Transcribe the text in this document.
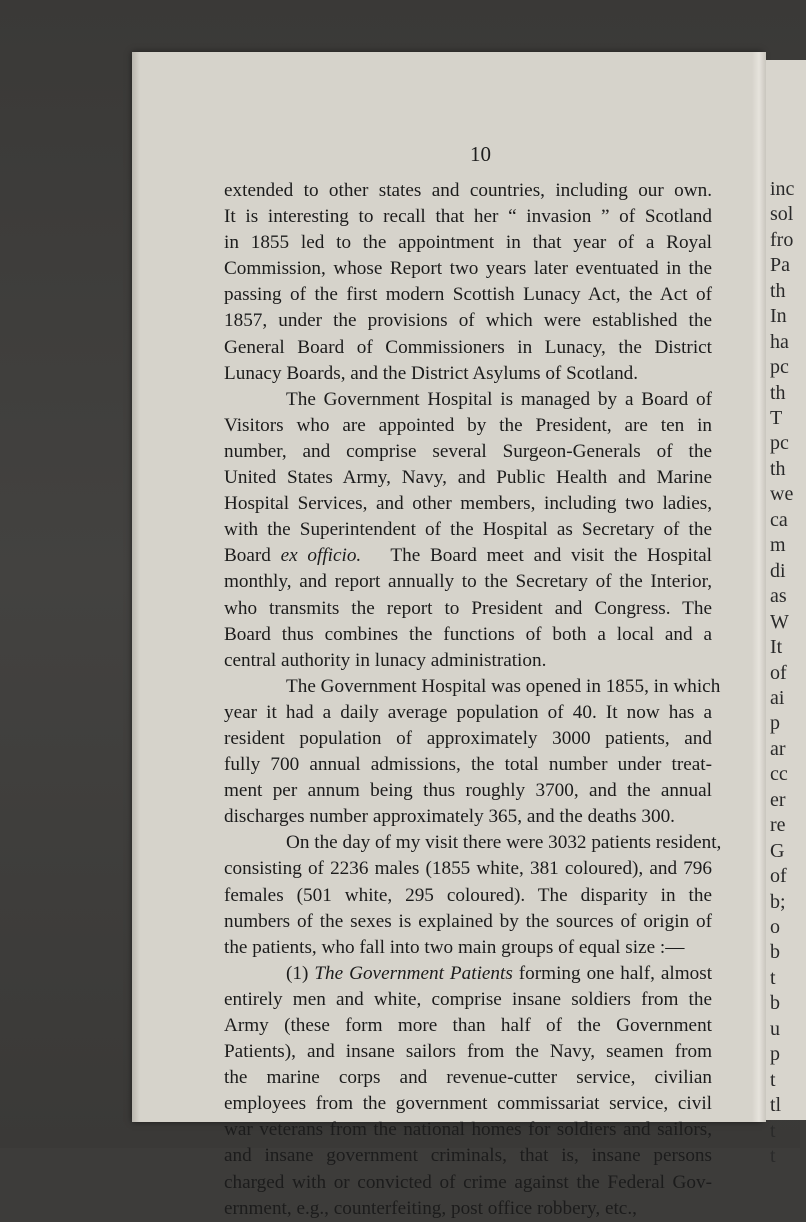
inc
sol
fro
Pa
th
In
ha
pc
th
T
pc
th
we
ca
m
di
as
W
It
of
ai
p
ar
cc
er
re
G
of
b;
o
b
t
b
u
p
t
tl
t
t
10
extended to other states and countries, including our own.
It is interesting to recall that her “ invasion ” of Scotland
in 1855 led to the appointment in that year of a Royal
Commission, whose Report two years later eventuated in the
passing of the first modern Scottish Lunacy Act, the Act of
1857, under the provisions of which were established the
General Board of Commissioners in Lunacy, the District
Lunacy Boards, and the District Asylums of Scotland.
The Government Hospital is managed by a Board of
Visitors who are appointed by the President, are ten in
number, and comprise several Surgeon-Generals of the
United States Army, Navy, and Public Health and Marine
Hospital Services, and other members, including two ladies,
with the Superintendent of the Hospital as Secretary of the
Board ex officio. The Board meet and visit the Hospital
monthly, and report annually to the Secretary of the Interior,
who transmits the report to President and Congress. The
Board thus combines the functions of both a local and a
central authority in lunacy administration.
The Government Hospital was opened in 1855, in which
year it had a daily average population of 40. It now has a
resident population of approximately 3000 patients, and
fully 700 annual admissions, the total number under treat-
ment per annum being thus roughly 3700, and the annual
discharges number approximately 365, and the deaths 300.
On the day of my visit there were 3032 patients resident,
consisting of 2236 males (1855 white, 381 coloured), and 796
females (501 white, 295 coloured). The disparity in the
numbers of the sexes is explained by the sources of origin of
the patients, who fall into two main groups of equal size :—
(1) The Government Patients forming one half, almost
entirely men and white, comprise insane soldiers from the
Army (these form more than half of the Government
Patients), and insane sailors from the Navy, seamen from
the marine corps and revenue-cutter service, civilian
employees from the government commissariat service, civil
war veterans from the national homes for soldiers and sailors,
and insane government criminals, that is, insane persons
charged with or convicted of crime against the Federal Gov-
ernment, e.g., counterfeiting, post office robbery, etc.,
